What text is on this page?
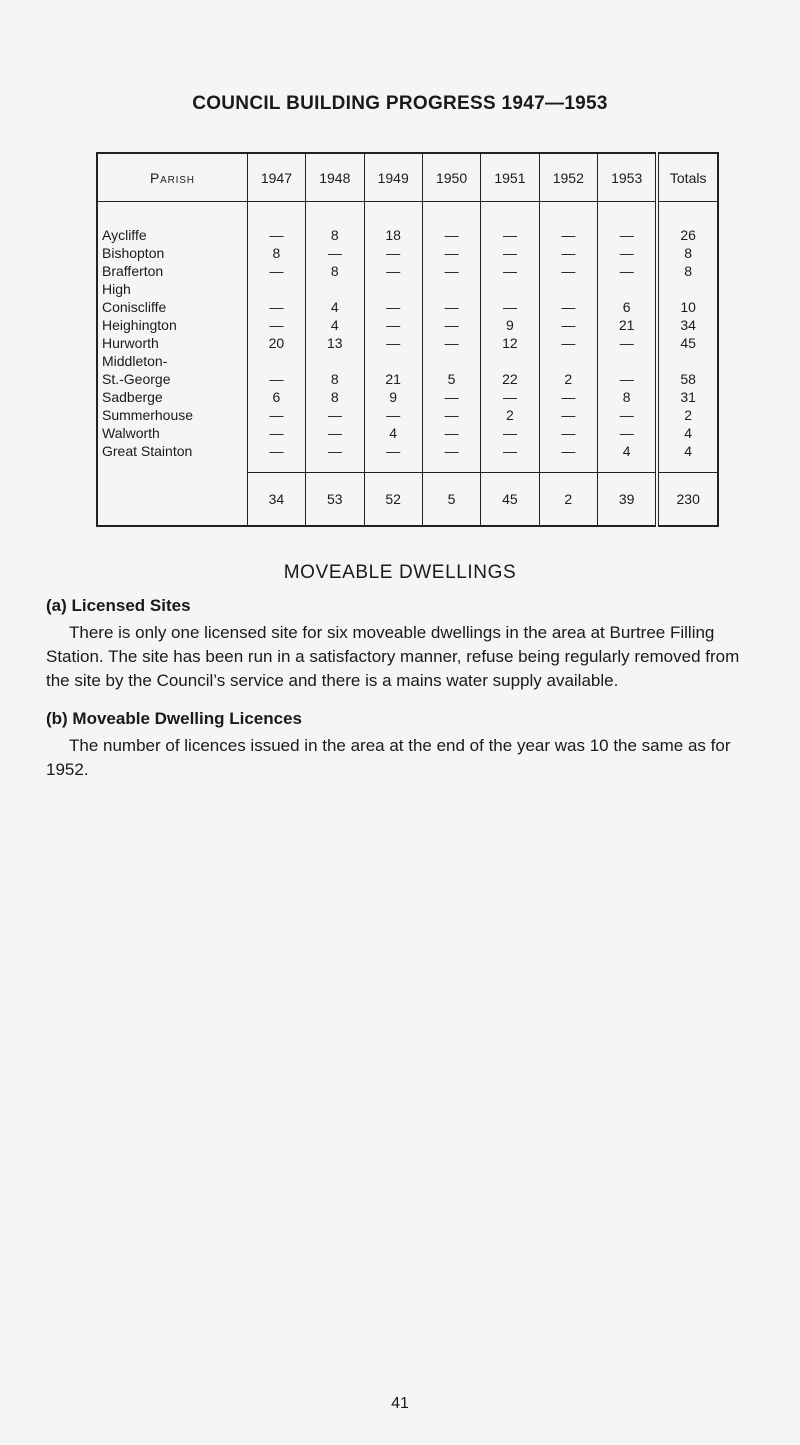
COUNCIL BUILDING PROGRESS 1947—1953
Parish	1947	1948	1949	1950	1951	1952	1953	Totals

Aycliffe	—	8	18	—	—	—	—	26

Bishopton	8	—	—	—	—	—	—	8

Brafferton	—	8	—	—	—	—	—	8

High
Coniscliffe	—	4	—	—	—	—	6	10

Heighington	—	4	—	—	9	—	21	34

Hurworth	20	13	—	—	12	—	—	45

Middleton-
St.-George	—	8	21	5	22	2	—	58

Sadberge	6	8	9	—	—	—	8	31

Summerhouse	—	—	—	—	2	—	—	2

Walworth	—	—	4	—	—	—	—	4

Great Stainton	—	—	—	—	—	—	4	4

	34	53	52	5	45	2	39	230
MOVEABLE DWELLINGS
(a) Licensed Sites
There is only one licensed site for six moveable dwellings in the area at Burtree Filling Station. The site has been run in a satisfactory manner, refuse being regularly removed from the site by the Council’s service and there is a mains water supply available.
(b) Moveable Dwelling Licences
The number of licences issued in the area at the end of the year was 10 the same as for 1952.
41
